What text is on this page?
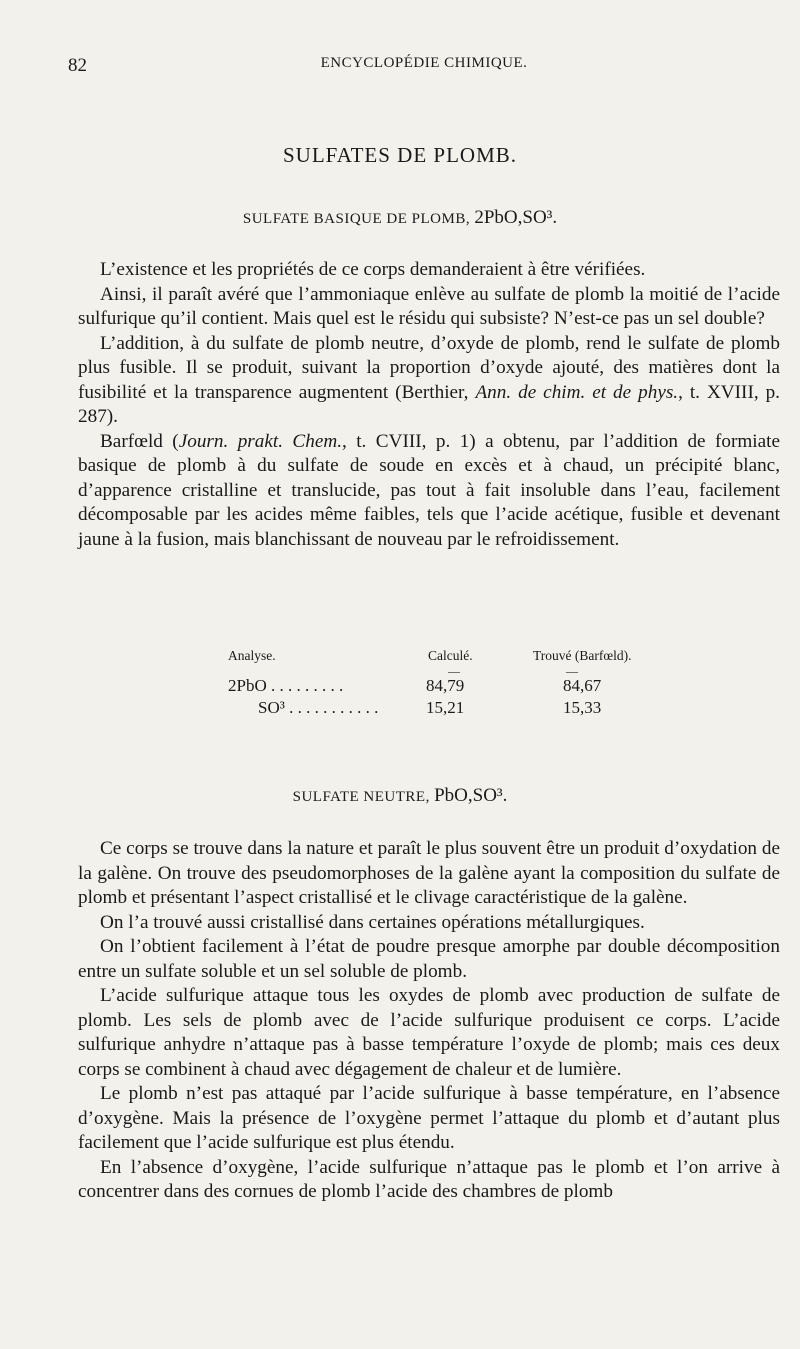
82	ENCYCLOPÉDIE CHIMIQUE.
SULFATES DE PLOMB.
SULFATE BASIQUE DE PLOMB, 2PbO,SO³.

L’existence et les propriétés de ce corps demanderaient à être vérifiées.

Ainsi, il paraît avéré que l’ammoniaque enlève au sulfate de plomb la moitié de l’acide sulfurique qu’il contient. Mais quel est le résidu qui subsiste? N’est-ce pas un sel double?

L’addition, à du sulfate de plomb neutre, d’oxyde de plomb, rend le sulfate de plomb plus fusible. Il se produit, suivant la proportion d’oxyde ajouté, des matières dont la fusibilité et la transparence augmentent (Berthier, Ann. de chim. et de phys., t. XVIII, p. 287).

Barfœld (Journ. prakt. Chem., t. CVIII, p. 1) a obtenu, par l’addition de formiate basique de plomb à du sulfate de soude en excès et à chaud, un précipité blanc, d’apparence cristalline et translucide, pas tout à fait insoluble dans l’eau, facilement décomposable par les acides même faibles, tels que l’acide acétique, fusible et devenant jaune à la fusion, mais blanchissant de nouveau par le refroidissement.

Analyse.	Calculé.	Trouvé (Barfœld).
—	—
2PbO . . . . . . . . .	84,79	84,67
SO³ . . . . . . . . . . .	15,21	15,33
SULFATE NEUTRE, PbO,SO³.

Ce corps se trouve dans la nature et paraît le plus souvent être un produit d’oxydation de la galène. On trouve des pseudomorphoses de la galène ayant la composition du sulfate de plomb et présentant l’aspect cristallisé et le clivage caractéristique de la galène.

On l’a trouvé aussi cristallisé dans certaines opérations métallurgiques.

On l’obtient facilement à l’état de poudre presque amorphe par double décomposition entre un sulfate soluble et un sel soluble de plomb.

L’acide sulfurique attaque tous les oxydes de plomb avec production de sulfate de plomb. Les sels de plomb avec de l’acide sulfurique produisent ce corps. L’acide sulfurique anhydre n’attaque pas à basse température l’oxyde de plomb; mais ces deux corps se combinent à chaud avec dégagement de chaleur et de lumière.

Le plomb n’est pas attaqué par l’acide sulfurique à basse température, en l’absence d’oxygène. Mais la présence de l’oxygène permet l’attaque du plomb et d’autant plus facilement que l’acide sulfurique est plus étendu.

En l’absence d’oxygène, l’acide sulfurique n’attaque pas le plomb et l’on arrive à concentrer dans des cornues de plomb l’acide des chambres de plomb
